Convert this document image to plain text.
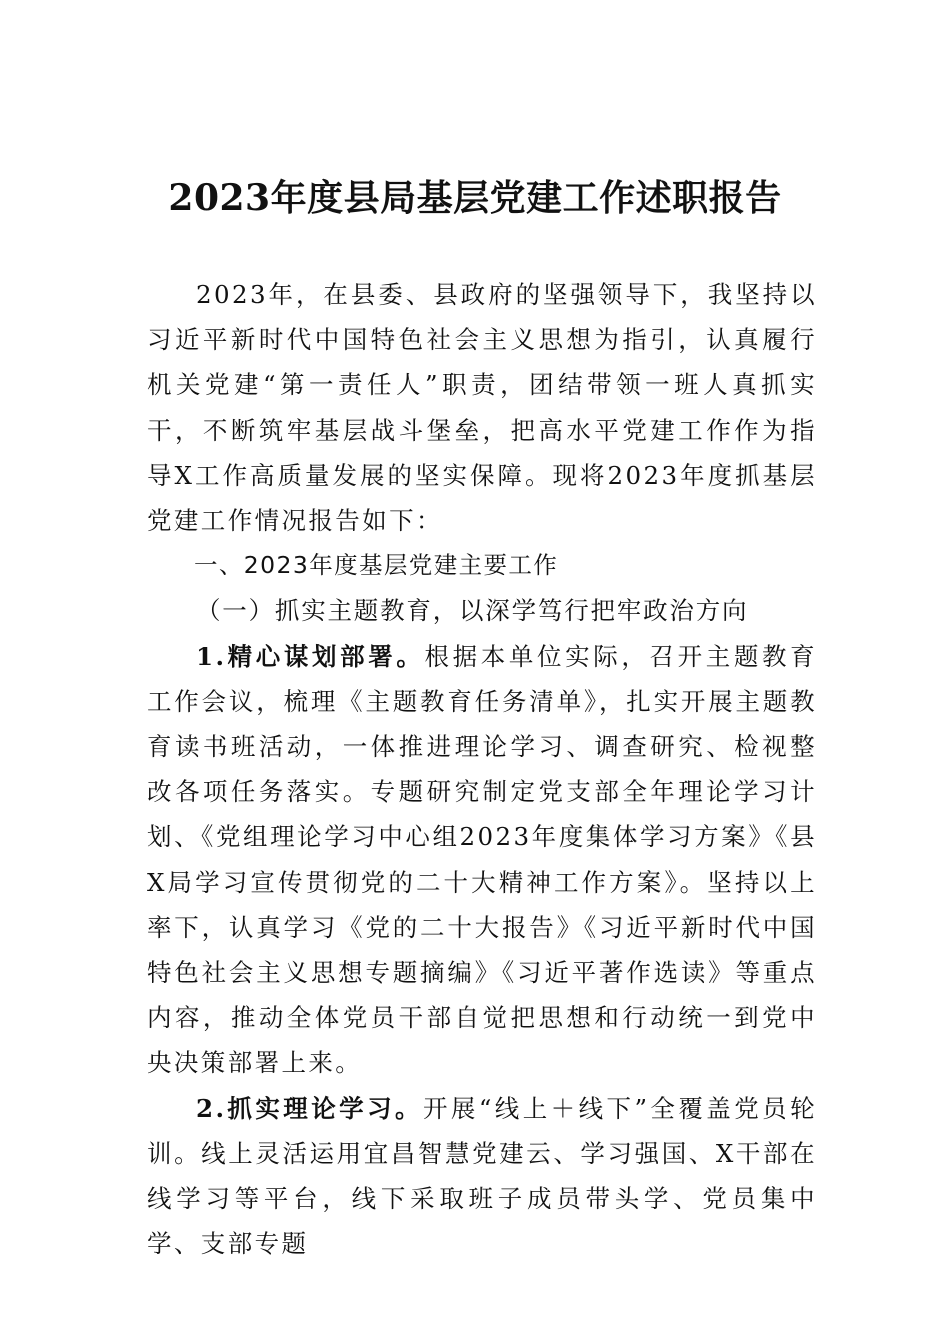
2023年度县局基层党建工作述职报告

2023年，在县委、县政府的坚强领导下，我坚持以习近平新时代中国特色社会主义思想为指引，认真履行机关党建“第一责任人”职责，团结带领一班人真抓实干，不断筑牢基层战斗堡垒，把高水平党建工作作为指导X工作高质量发展的坚实保障。现将2023年度抓基层党建工作情况报告如下：

一、2023年度基层党建主要工作

（一）抓实主题教育，以深学笃行把牢政治方向

1.精心谋划部署。根据本单位实际，召开主题教育工作会议，梳理《主题教育任务清单》，扎实开展主题教育读书班活动，一体推进理论学习、调查研究、检视整改各项任务落实。专题研究制定党支部全年理论学习计划、《党组理论学习中心组2023年度集体学习方案》《县X局学习宣传贯彻党的二十大精神工作方案》。坚持以上率下，认真学习《党的二十大报告》《习近平新时代中国特色社会主义思想专题摘编》《习近平著作选读》等重点内容，推动全体党员干部自觉把思想和行动统一到党中央决策部署上来。

2.抓实理论学习。开展“线上＋线下”全覆盖党员轮训。线上灵活运用宜昌智慧党建云、学习强国、X干部在线学习等平台，线下采取班子成员带头学、党员集中学、支部专题
